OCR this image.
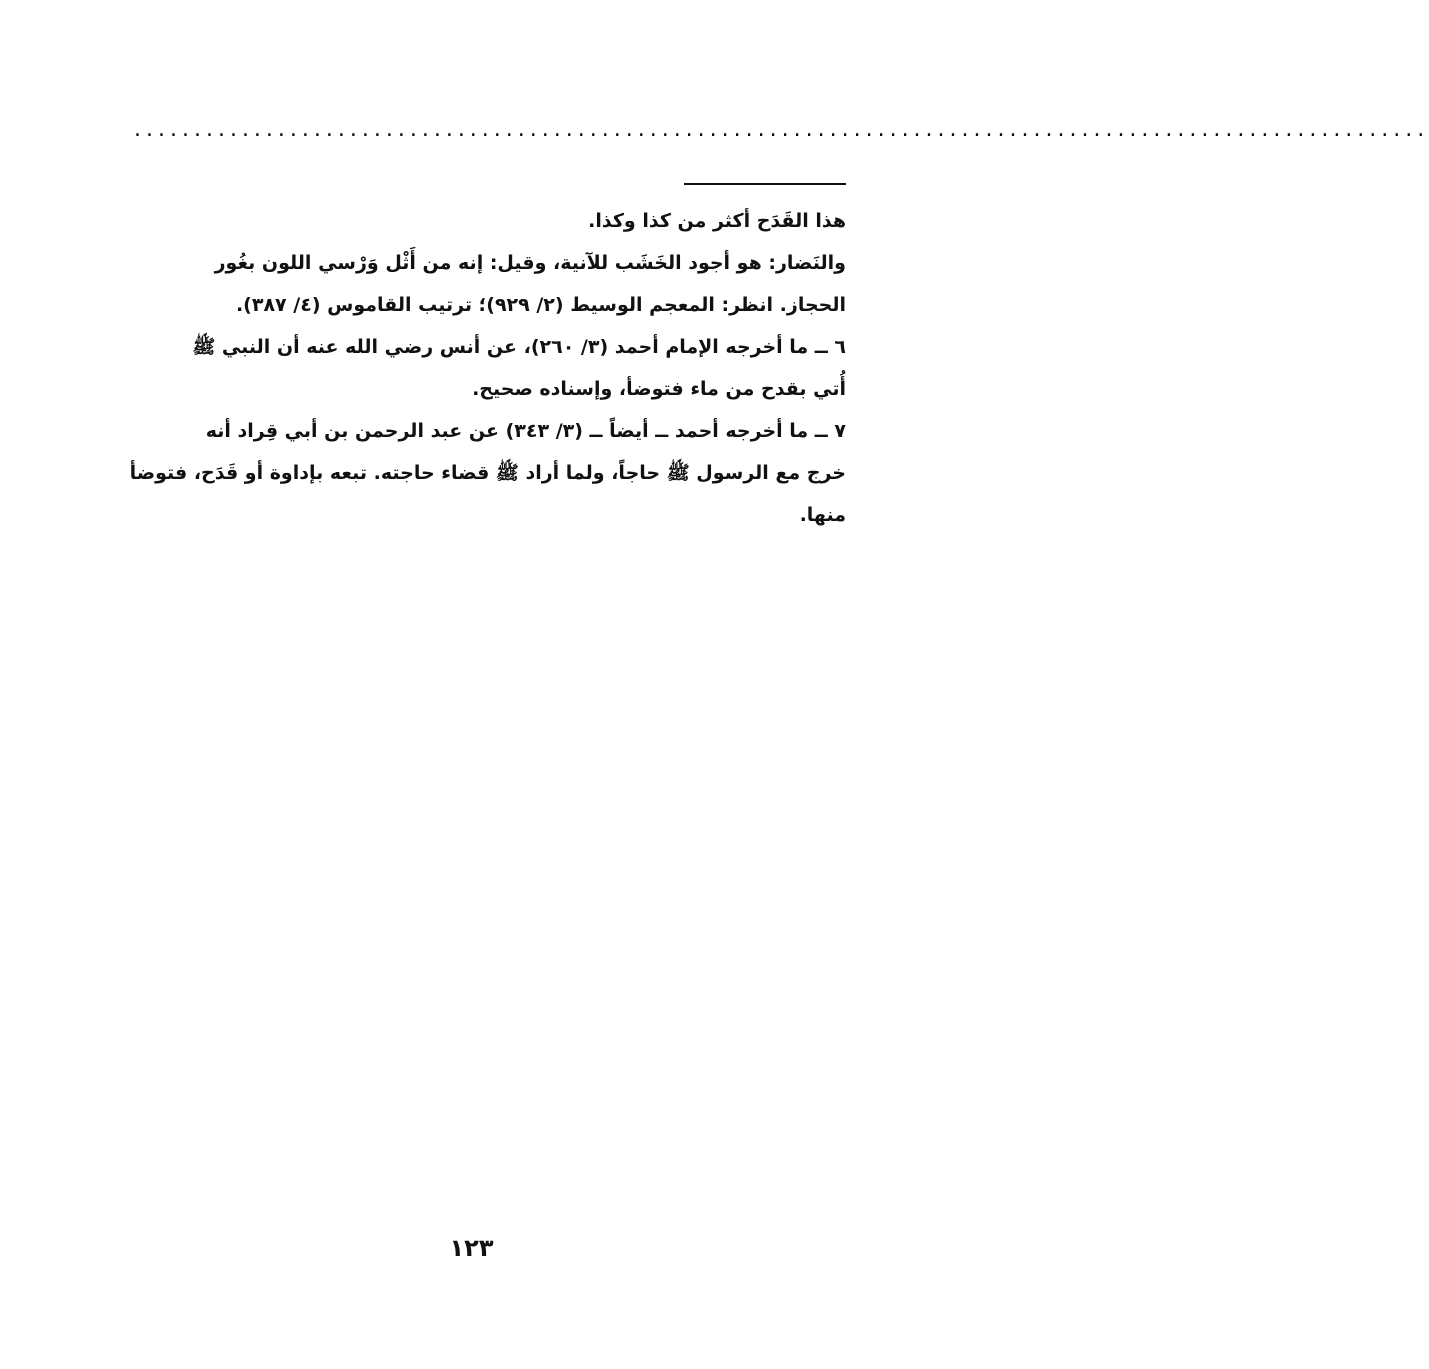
............................................................................................................
هذا القَدَح أكثر من كذا وكذا.
والنَضار: هو أجود الخَشَب للآنية، وقيل: إنه من أَثْل وَرْسي اللون بغُور
الحجاز. انظر: المعجم الوسيط (٢/ ٩٢٩)؛ ترتيب القاموس (٤/ ٣٨٧).
٦ ــ ما أخرجه الإمام أحمد (٣/ ٢٦٠)، عن أنس رضي الله عنه أن النبي ﷺ
أُتي بقدح من ماء فتوضأ، وإسناده صحيح.
٧ ــ ما أخرجه أحمد ــ أيضاً ــ (٣/ ٣٤٣) عن عبد الرحمن بن أبي قِراد أنه
خرج مع الرسول ﷺ حاجاً، ولما أراد ﷺ قضاء حاجته. تبعه بإداوة أو قَدَح، فتوضأ
منها.
١٢٣
